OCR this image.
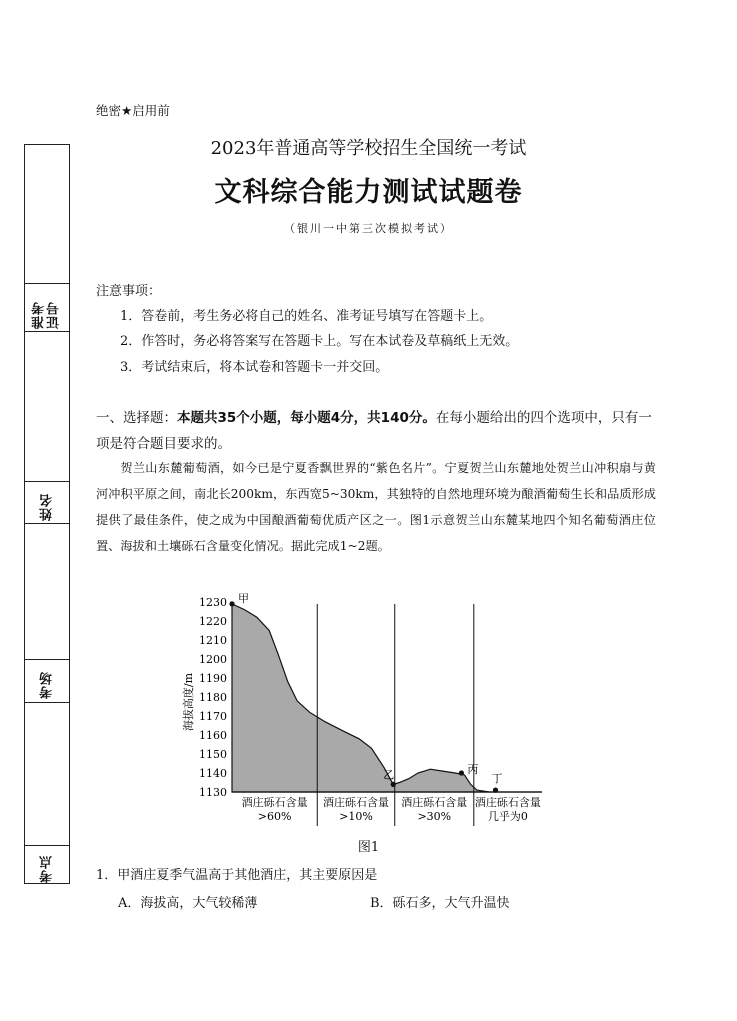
准考证号
姓名
考场
考点
绝密★启用前
2023年普通高等学校招生全国统一考试
文科综合能力测试试题卷
（银川一中第三次模拟考试）
注意事项：
1．答卷前，考生务必将自己的姓名、准考证号填写在答题卡上。
2．作答时，务必将答案写在答题卡上。写在本试卷及草稿纸上无效。
3．考试结束后，将本试卷和答题卡一并交回。
一、选择题：本题共35个小题，每小题4分，共140分。在每小题给出的四个选项中，只有一项是符合题目要求的。
贺兰山东麓葡萄酒，如今已是宁夏香飘世界的“紫色名片”。宁夏贺兰山东麓地处贺兰山冲积扇与黄河冲积平原之间，南北长200km，东西宽5~30km，其独特的自然地理环境为酿酒葡萄生长和品质形成提供了最佳条件，使之成为中国酿酒葡萄优质产区之一。图1示意贺兰山东麓某地四个知名葡萄酒庄位置、海拔和土壤砾石含量变化情况。据此完成1~2题。
海拔高度/m
1130
1140
1150
1160
1170
1180
1190
1200
1210
1220
1230 甲
乙	丙
丁
酒庄砾石含量
>60%
酒庄砾石含量
>10%
酒庄砾石含量
>30%
酒庄砾石含量
几乎为0
图1
1．甲酒庄夏季气温高于其他酒庄，其主要原因是
A．海拔高，大气较稀薄	B．砾石多，大气升温快
